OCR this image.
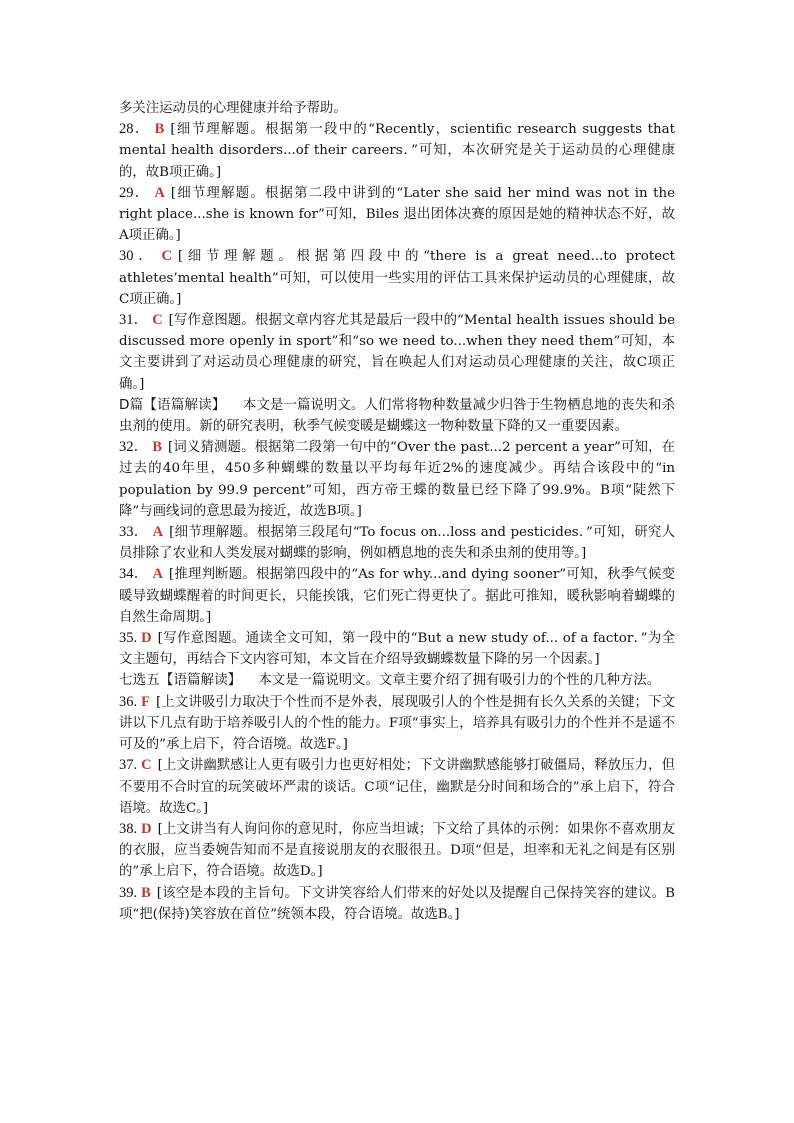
多关注运动员的心理健康并给予帮助。

28． B [细节理解题。根据第一段中的“Recently，scientific research suggests that mental health disorders...of their careers．”可知，本次研究是关于运动员的心理健康的，故B项正确。]

29． A [细节理解题。根据第二段中讲到的“Later she said her mind was not in the right place...she is known for”可知，Biles 退出团体决赛的原因是她的精神状态不好，故A项正确。]

30． C [细节理解题。根据第四段中的“there is a great need...to protect athletes’mental health”可知，可以使用一些实用的评估工具来保护运动员的心理健康，故C项正确。]

31． C [写作意图题。根据文章内容尤其是最后一段中的“Mental health issues should be discussed more openly in sport”和“so we need to...when they need them”可知，本文主要讲到了对运动员心理健康的研究，旨在唤起人们对运动员心理健康的关注，故C项正确。]

D篇【语篇解读】 本文是一篇说明文。人们常将物种数量减少归咎于生物栖息地的丧失和杀虫剂的使用。新的研究表明，秋季气候变暖是蝴蝶这一物种数量下降的又一重要因素。

32． B [词义猜测题。根据第二段第一句中的“Over the past...2 percent a year”可知，在过去的40年里，450多种蝴蝶的数量以平均每年近2%的速度减少。再结合该段中的“in population by 99.9 percent”可知，西方帝王蝶的数量已经下降了99.9%。B项“陡然下降”与画线词的意思最为接近，故选B项。]

33． A [细节理解题。根据第三段尾句“To focus on...loss and pesticides．”可知，研究人员排除了农业和人类发展对蝴蝶的影响，例如栖息地的丧失和杀虫剂的使用等。]

34． A [推理判断题。根据第四段中的“As for why...and dying sooner”可知，秋季气候变暖导致蝴蝶醒着的时间更长，只能挨饿，它们死亡得更快了。据此可推知，暖秋影响着蝴蝶的自然生命周期。]

35. D [写作意图题。通读全文可知，第一段中的“But a new study of... of a factor．”为全文主题句，再结合下文内容可知，本文旨在介绍导致蝴蝶数量下降的另一个因素。]

七选五【语篇解读】 本文是一篇说明文。文章主要介绍了拥有吸引力的个性的几种方法。

36. F [上文讲吸引力取决于个性而不是外表，展现吸引人的个性是拥有长久关系的关键；下文讲以下几点有助于培养吸引人的个性的能力。F项“事实上，培养具有吸引力的个性并不是遥不可及的”承上启下，符合语境。故选F。]

37. C [上文讲幽默感让人更有吸引力也更好相处；下文讲幽默感能够打破僵局，释放压力，但不要用不合时宜的玩笑破坏严肃的谈话。C项“记住，幽默是分时间和场合的”承上启下，符合语境。故选C。]

38. D [上文讲当有人询问你的意见时，你应当坦诚；下文给了具体的示例：如果你不喜欢朋友的衣服，应当委婉告知而不是直接说朋友的衣服很丑。D项“但是，坦率和无礼之间是有区别的”承上启下，符合语境。故选D。]

39. B [该空是本段的主旨句。下文讲笑容给人们带来的好处以及提醒自己保持笑容的建议。B项“把(保持)笑容放在首位”统领本段，符合语境。故选B。]
